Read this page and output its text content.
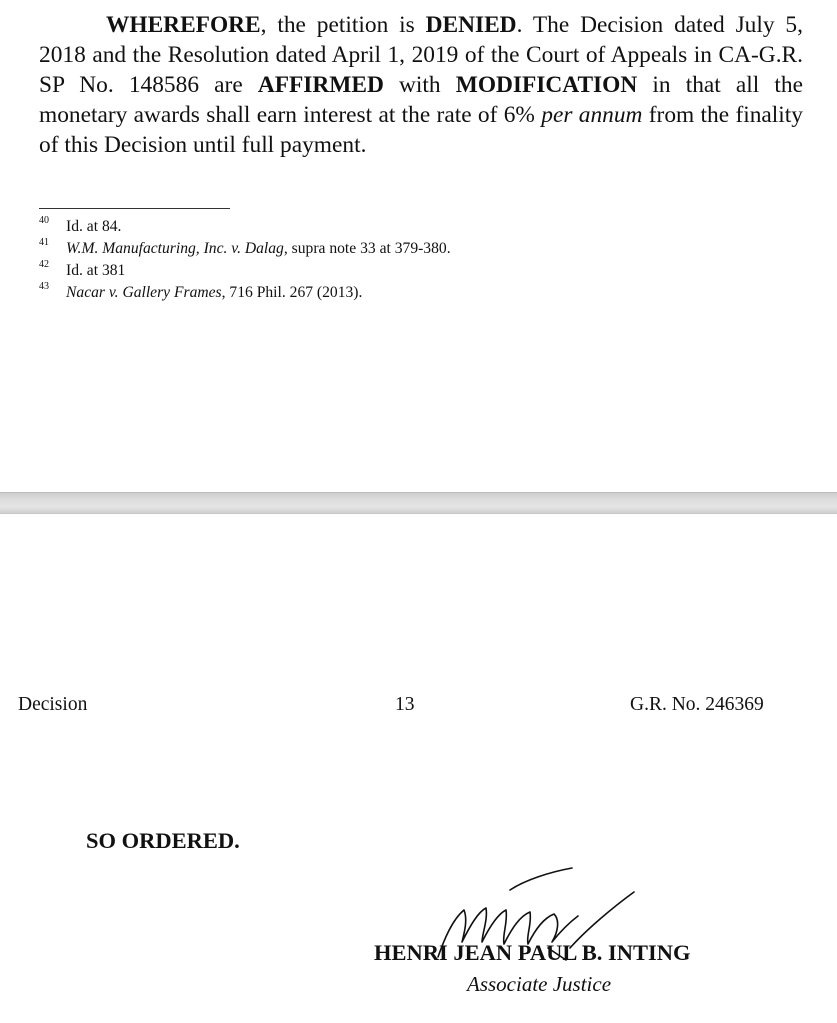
WHEREFORE, the petition is DENIED. The Decision dated July 5, 2018 and the Resolution dated April 1, 2019 of the Court of Appeals in CA-G.R. SP No. 148586 are AFFIRMED with MODIFICATION in that all the monetary awards shall earn interest at the rate of 6% per annum from the finality of this Decision until full payment.

40 Id. at 84.
41 W.M. Manufacturing, Inc. v. Dalag, supra note 33 at 379-380.
42 Id. at 381
43 Nacar v. Gallery Frames, 716 Phil. 267 (2013).
Decision	13	G.R. No. 246369
SO ORDERED.
HENRI JEAN PAUL B. INTING
Associate Justice
